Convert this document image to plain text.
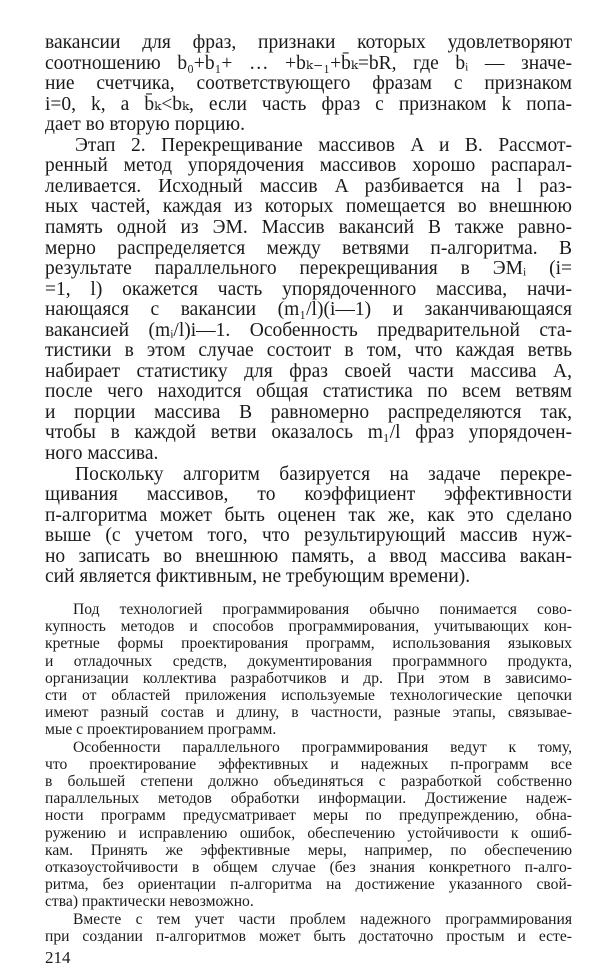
вакансии для фраз, признаки которых удовлетворяют
соотношению b₀+b₁+ … +bₖ₋₁+b̄ₖ=bR, где bᵢ — значе-
ние счетчика, соответствующего фразам с признаком
i=0, k, а b̄ₖ<bₖ, если часть фраз с признаком k попа-
дает во вторую порцию.
Этап 2. Перекрещивание массивов A и B. Рассмот-
ренный метод упорядочения массивов хорошо распарал-
леливается. Исходный массив A разбивается на l раз-
ных частей, каждая из которых помещается во внешнюю
память одной из ЭМ. Массив вакансий B также равно-
мерно распределяется между ветвями п-алгоритма. В
результате параллельного перекрещивания в ЭМᵢ (i=
=1, l) окажется часть упорядоченного массива, начи-
нающаяся с вакансии (m₁/l)(i—1) и заканчивающаяся
вакансией (mᵢ/l)i—1. Особенность предварительной ста-
тистики в этом случае состоит в том, что каждая ветвь
набирает статистику для фраз своей части массива A,
после чего находится общая статистика по всем ветвям
и порции массива B равномерно распределяются так,
чтобы в каждой ветви оказалось m₁/l фраз упорядочен-
ного массива.
Поскольку алгоритм базируется на задаче перекре-
щивания массивов, то коэффициент эффективности
п-алгоритма может быть оценен так же, как это сделано
выше (с учетом того, что результирующий массив нуж-
но записать во внешнюю память, а ввод массива вакан-
сий является фиктивным, не требующим времени).
Под технологией программирования обычно понимается сово-
купность методов и способов программирования, учитывающих кон-
кретные формы проектирования программ, использования языковых
и отладочных средств, документирования программного продукта,
организации коллектива разработчиков и др. При этом в зависимо-
сти от областей приложения используемые технологические цепочки
имеют разный состав и длину, в частности, разные этапы, связывае-
мые с проектированием программ.
Особенности параллельного программирования ведут к тому,
что проектирование эффективных и надежных п-программ все
в большей степени должно объединяться с разработкой собственно
параллельных методов обработки информации. Достижение надеж-
ности программ предусматривает меры по предупреждению, обна-
ружению и исправлению ошибок, обеспечению устойчивости к ошиб-
кам. Принять же эффективные меры, например, по обеспечению
отказоустойчивости в общем случае (без знания конкретного п-алго-
ритма, без ориентации п-алгоритма на достижение указанного свой-
ства) практически невозможно.
Вместе с тем учет части проблем надежного программирования
при создании п-алгоритмов может быть достаточно простым и есте-
214
